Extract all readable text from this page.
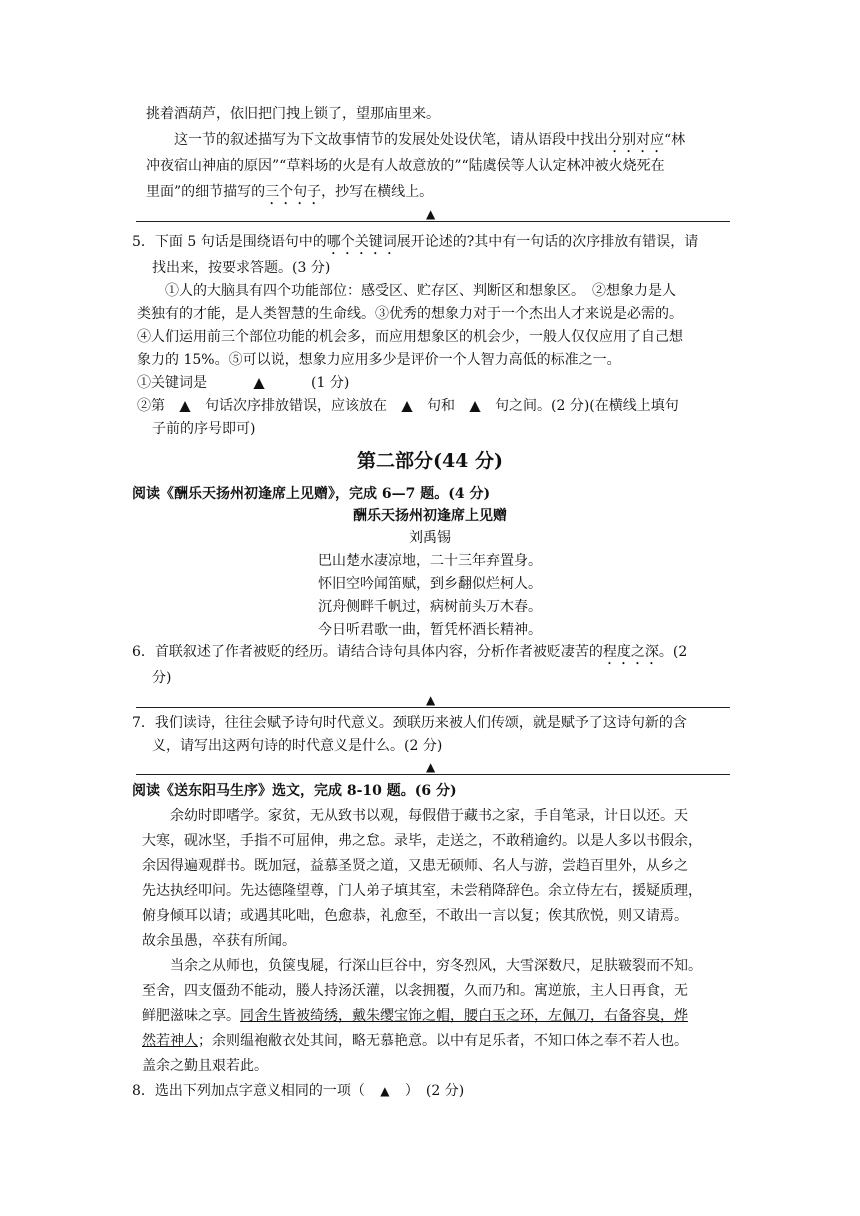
挑着酒葫芦，依旧把门拽上锁了，望那庙里来。
这一节的叙述描写为下文故事情节的发展处处设伏笔，请从语段中找出分别对应“林
冲夜宿山神庙的原因”“草料场的火是有人故意放的”“陆虞侯等人认定林冲被火烧死在
里面”的细节描写的三个句子，抄写在横线上。
▲
5．下面 5 句话是围绕语句中的哪个关键词展开论述的?其中有一句话的次序排放有错误，请
找出来，按要求答题。(3 分)
①人的大脑具有四个功能部位：感受区、贮存区、判断区和想象区。　②想象力是人
类独有的才能，是人类智慧的生命线。③优秀的想象力对于一个杰出人才来说是必需的。
④人们运用前三个部位功能的机会多，而应用想象区的机会少，一般人仅仅应用了自己想
象力的 15%。⑤可以说，想象力应用多少是评价一个人智力高低的标准之一。
①关键词是	▲	(1 分)
②第 ▲ 句话次序排放错误，应该放在 ▲ 句和 ▲ 句之间。(2 分)(在横线上填句
子前的序号即可)
第二部分(44 分)
阅读《酬乐天扬州初逢席上见赠》，完成 6—7 题。(4 分)
酬乐天扬州初逢席上见赠
刘禹锡
巴山楚水凄凉地，二十三年弃置身。
怀旧空吟闻笛赋，到乡翻似烂柯人。
沉舟侧畔千帆过，病树前头万木春。
今日听君歌一曲，暂凭杯酒长精神。
6．首联叙述了作者被贬的经历。请结合诗句具体内容，分析作者被贬凄苦的程度之深。(2
分)
▲
7．我们读诗，往往会赋予诗句时代意义。颈联历来被人们传颂，就是赋予了这诗句新的含
义，请写出这两句诗的时代意义是什么。(2 分)
▲
阅读《送东阳马生序》选文，完成 8-10 题。(6 分)
余幼时即嗜学。家贫，无从致书以观，每假借于藏书之家，手自笔录，计日以还。天
大寒，砚冰坚，手指不可屈伸，弗之怠。录毕，走送之，不敢稍逾约。以是人多以书假余，
余因得遍观群书。既加冠，益慕圣贤之道，又患无硕师、名人与游，尝趋百里外，从乡之
先达执经叩问。先达德隆望尊，门人弟子填其室，未尝稍降辞色。余立侍左右，援疑质理，
俯身倾耳以请；或遇其叱咄，色愈恭，礼愈至，不敢出一言以复；俟其欣悦，则又请焉。
故余虽愚，卒获有所闻。
当余之从师也，负箧曳屣，行深山巨谷中，穷冬烈风，大雪深数尺，足肤皲裂而不知。
至舍，四支僵劲不能动，媵人持汤沃灌，以衾拥覆，久而乃和。寓逆旅，主人日再食，无
鲜肥滋味之享。同舍生皆被绮绣，戴朱缨宝饰之帽，腰白玉之环，左佩刀，右备容臭，烨
然若神人；余则缊袍敝衣处其间，略无慕艳意。以中有足乐者，不知口体之奉不若人也。
盖余之勤且艰若此。
8．选出下列加点字意义相同的一项（ ▲ ）　(2 分)
